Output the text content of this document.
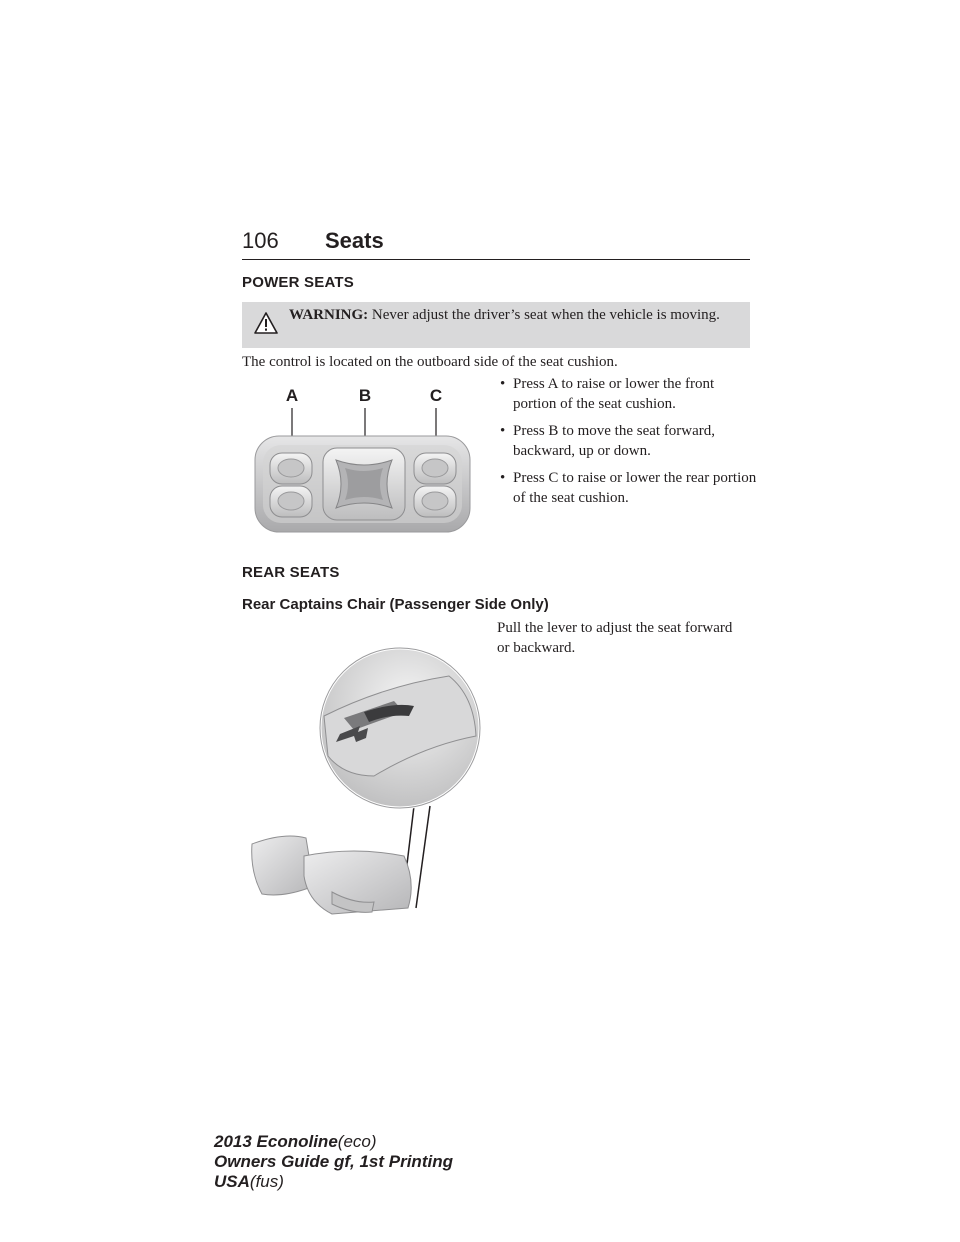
106 Seats
POWER SEATS
WARNING: Never adjust the driver’s seat when the vehicle is moving.
The control is located on the outboard side of the seat cushion.
A	B	C
• Press A to raise or lower the front portion of the seat cushion.
• Press B to move the seat forward, backward, up or down.
• Press C to raise or lower the rear portion of the seat cushion.
REAR SEATS
Rear Captains Chair (Passenger Side Only)
Pull the lever to adjust the seat forward or backward.
2013 Econoline(eco)
Owners Guide gf, 1st Printing
USA(fus)
